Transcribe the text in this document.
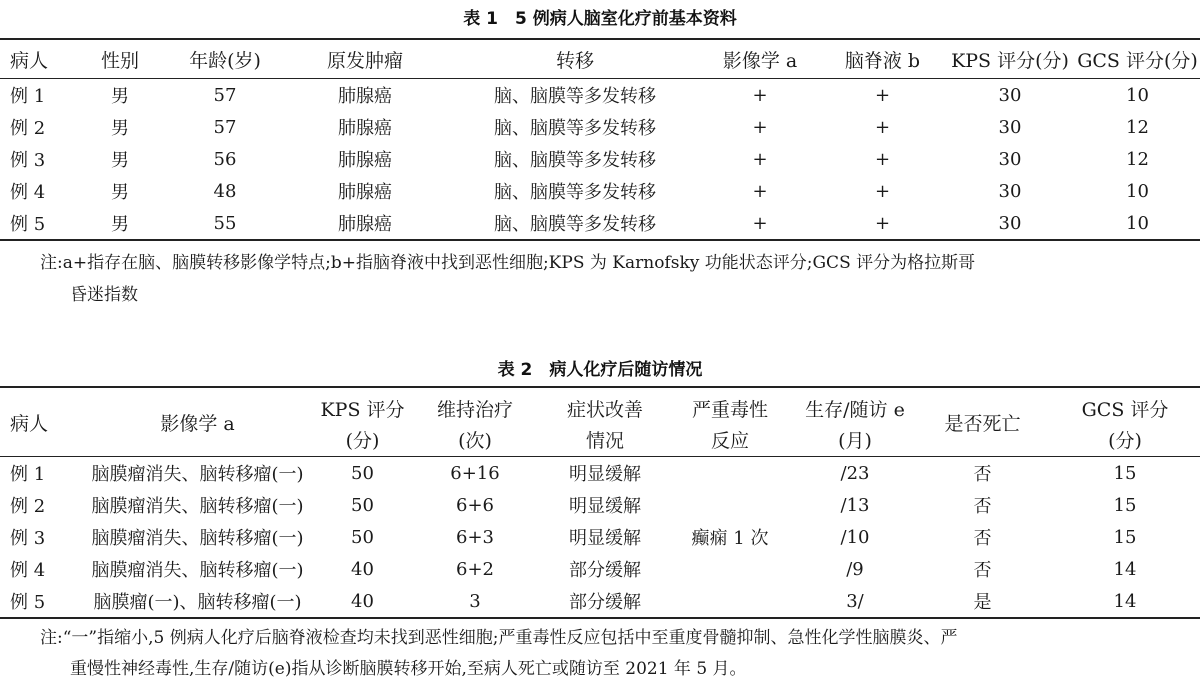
表 1　5 例病人脑室化疗前基本资料
病人	性别	年龄(岁)	原发肿瘤	转移	影像学 a	脑脊液 b	KPS 评分(分)	GCS 评分(分)
例 1	男	57	肺腺癌	脑、脑膜等多发转移	+	+	30	10
例 2	男	57	肺腺癌	脑、脑膜等多发转移	+	+	30	12
例 3	男	56	肺腺癌	脑、脑膜等多发转移	+	+	30	12
例 4	男	48	肺腺癌	脑、脑膜等多发转移	+	+	30	10
例 5	男	55	肺腺癌	脑、脑膜等多发转移	+	+	30	10
注:a+指存在脑、脑膜转移影像学特点;b+指脑脊液中找到恶性细胞;KPS 为 Karnofsky 功能状态评分;GCS 评分为格拉斯哥
昏迷指数
表 2　病人化疗后随访情况
病人	影像学 a	KPS 评分	维持治疗	症状改善	严重毒性	生存/随访 e	是否死亡	GCS 评分
		(分)	(次)	情况	反应	(月)		(分)
例 1	脑膜瘤消失、脑转移瘤(一)	50	6+16	明显缓解		/23	否	15
例 2	脑膜瘤消失、脑转移瘤(一)	50	6+6	明显缓解		/13	否	15
例 3	脑膜瘤消失、脑转移瘤(一)	50	6+3	明显缓解	癫痫 1 次	/10	否	15
例 4	脑膜瘤消失、脑转移瘤(一)	40	6+2	部分缓解		/9	否	14
例 5	脑膜瘤(一)、脑转移瘤(一)	40	3	部分缓解		3/	是	14
注:“一”指缩小,5 例病人化疗后脑脊液检查均未找到恶性细胞;严重毒性反应包括中至重度骨髓抑制、急性化学性脑膜炎、严
重慢性神经毒性,生存/随访(e)指从诊断脑膜转移开始,至病人死亡或随访至 2021 年 5 月。
